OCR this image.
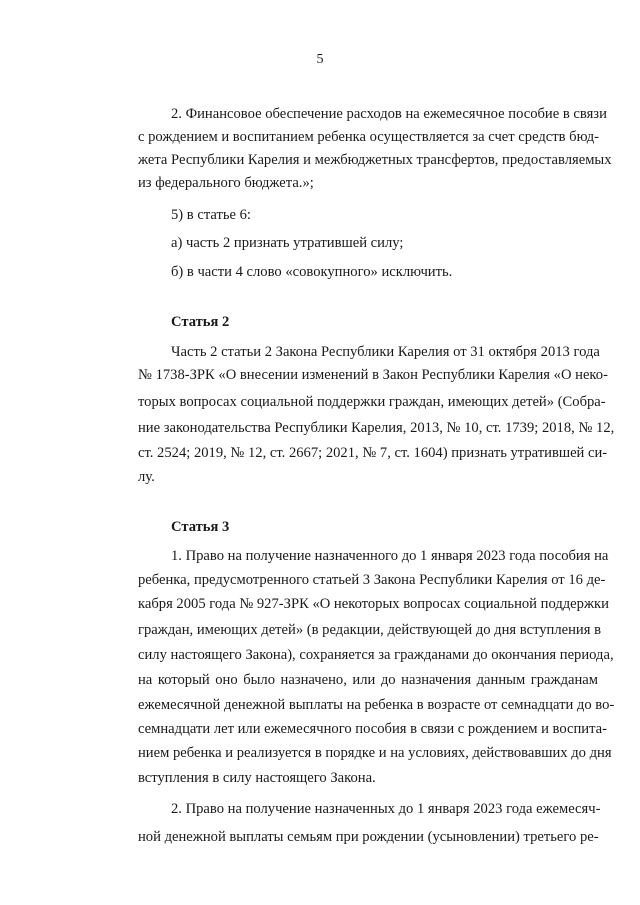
5
2. Финансовое обеспечение расходов на ежемесячное пособие в связи
с рождением и воспитанием ребенка осуществляется за счет средств бюд-
жета Республики Карелия и межбюджетных трансфертов, предоставляемых
из федерального бюджета.»;
5) в статье 6:
а) часть 2 признать утратившей силу;
б) в части 4 слово «совокупного» исключить.
Статья 2
Часть 2 статьи 2 Закона Республики Карелия от 31 октября 2013 года
№ 1738-ЗРК «О внесении изменений в Закон Республики Карелия «О неко-
торых вопросах социальной поддержки граждан, имеющих детей» (Собра-
ние законодательства Республики Карелия, 2013, № 10, ст. 1739; 2018, № 12,
ст. 2524; 2019, № 12, ст. 2667; 2021, № 7, ст. 1604) признать утратившей си-
лу.
Статья 3
1. Право на получение назначенного до 1 января 2023 года пособия на
ребенка, предусмотренного статьей 3 Закона Республики Карелия от 16 де-
кабря 2005 года № 927-ЗРК «О некоторых вопросах социальной поддержки
граждан, имеющих детей» (в редакции, действующей до дня вступления в
силу настоящего Закона), сохраняется за гражданами до окончания периода,
на который оно было назначено, или до назначения данным гражданам
ежемесячной денежной выплаты на ребенка в возрасте от семнадцати до во-
семнадцати лет или ежемесячного пособия в связи с рождением и воспита-
нием ребенка и реализуется в порядке и на условиях, действовавших до дня
вступления в силу настоящего Закона.
2. Право на получение назначенных до 1 января 2023 года ежемесяч-
ной денежной выплаты семьям при рождении (усыновлении) третьего ре-
